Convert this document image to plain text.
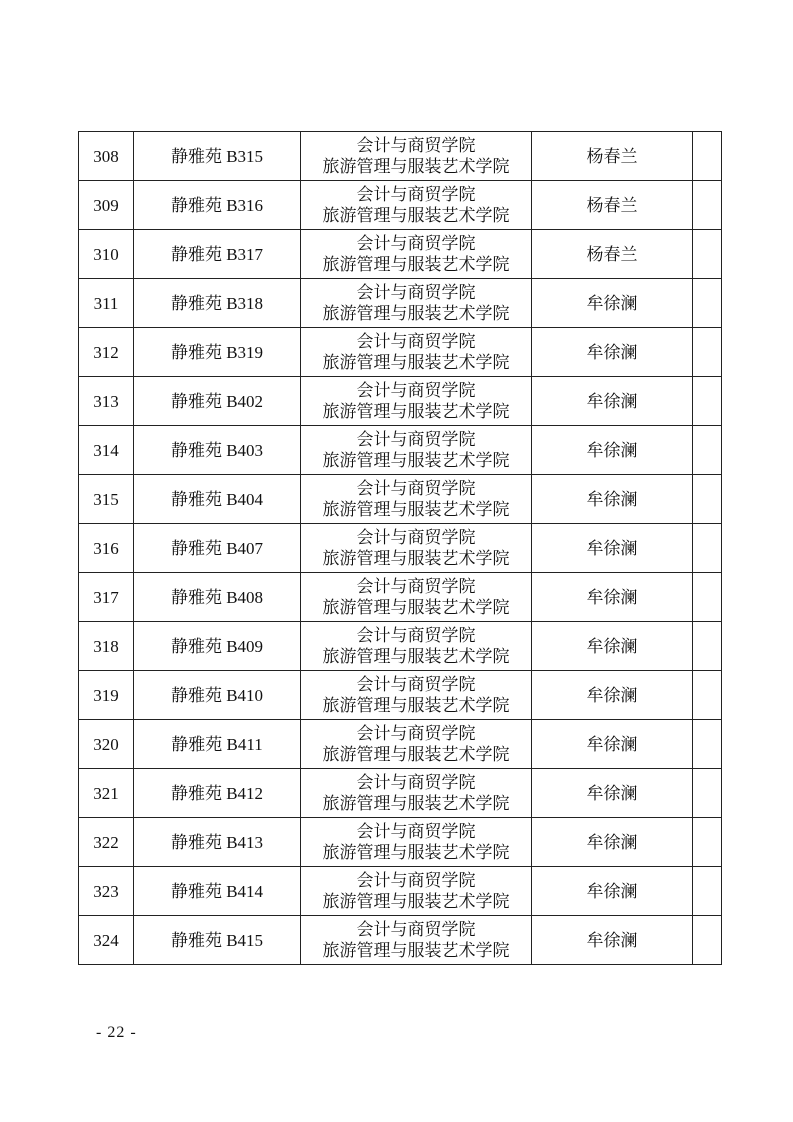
308	静雅苑 B315	会计与商贸学院
旅游管理与服装艺术学院	杨春兰	
309	静雅苑 B316	会计与商贸学院
旅游管理与服装艺术学院	杨春兰	
310	静雅苑 B317	会计与商贸学院
旅游管理与服装艺术学院	杨春兰	
311	静雅苑 B318	会计与商贸学院
旅游管理与服装艺术学院	牟徐澜	
312	静雅苑 B319	会计与商贸学院
旅游管理与服装艺术学院	牟徐澜	
313	静雅苑 B402	会计与商贸学院
旅游管理与服装艺术学院	牟徐澜	
314	静雅苑 B403	会计与商贸学院
旅游管理与服装艺术学院	牟徐澜	
315	静雅苑 B404	会计与商贸学院
旅游管理与服装艺术学院	牟徐澜	
316	静雅苑 B407	会计与商贸学院
旅游管理与服装艺术学院	牟徐澜	
317	静雅苑 B408	会计与商贸学院
旅游管理与服装艺术学院	牟徐澜	
318	静雅苑 B409	会计与商贸学院
旅游管理与服装艺术学院	牟徐澜	
319	静雅苑 B410	会计与商贸学院
旅游管理与服装艺术学院	牟徐澜	
320	静雅苑 B411	会计与商贸学院
旅游管理与服装艺术学院	牟徐澜	
321	静雅苑 B412	会计与商贸学院
旅游管理与服装艺术学院	牟徐澜	
322	静雅苑 B413	会计与商贸学院
旅游管理与服装艺术学院	牟徐澜	
323	静雅苑 B414	会计与商贸学院
旅游管理与服装艺术学院	牟徐澜	
324	静雅苑 B415	会计与商贸学院
旅游管理与服装艺术学院	牟徐澜	
- 22 -
